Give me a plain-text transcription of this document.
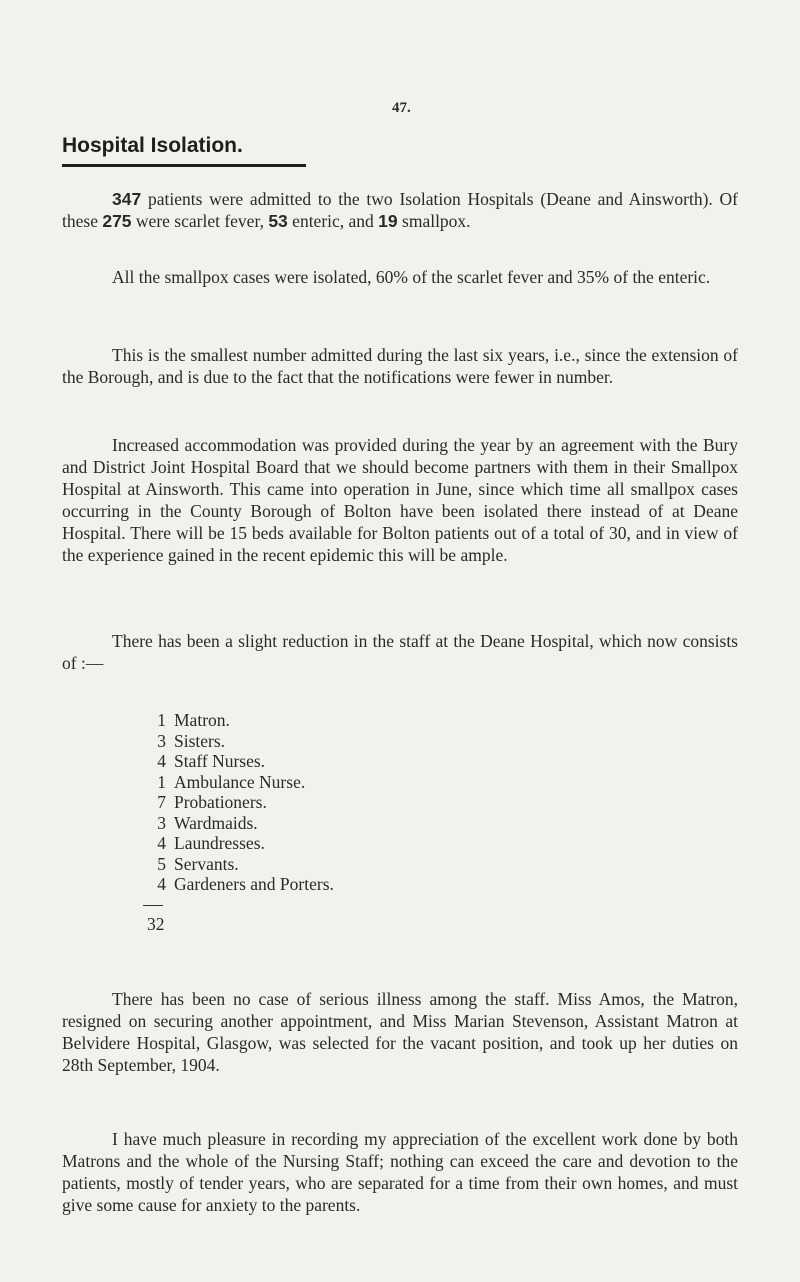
47.
Hospital Isolation.

347 patients were admitted to the two Isolation Hospitals (Deane and Ainsworth). Of these 275 were scarlet fever, 53 enteric, and 19 smallpox.

All the smallpox cases were isolated, 60% of the scarlet fever and 35% of the enteric.

This is the smallest number admitted during the last six years, i.e., since the extension of the Borough, and is due to the fact that the notifications were fewer in number.

Increased accommodation was provided during the year by an agreement with the Bury and District Joint Hospital Board that we should become partners with them in their Smallpox Hospital at Ainsworth. This came into operation in June, since which time all smallpox cases occurring in the County Borough of Bolton have been isolated there instead of at Deane Hospital. There will be 15 beds available for Bolton patients out of a total of 30, and in view of the experience gained in the recent epidemic this will be ample.

There has been a slight reduction in the staff at the Deane Hospital, which now consists of :—

1 Matron.
3 Sisters.
4 Staff Nurses.
1 Ambulance Nurse.
7 Probationers.
3 Wardmaids.
4 Laundresses.
5 Servants.
4 Gardeners and Porters.
32

There has been no case of serious illness among the staff. Miss Amos, the Matron, resigned on securing another appointment, and Miss Marian Stevenson, Assistant Matron at Belvidere Hospital, Glasgow, was selected for the vacant position, and took up her duties on 28th September, 1904.

I have much pleasure in recording my appreciation of the excellent work done by both Matrons and the whole of the Nursing Staff; nothing can exceed the care and devotion to the patients, mostly of tender years, who are separated for a time from their own homes, and must give some cause for anxiety to the parents.
